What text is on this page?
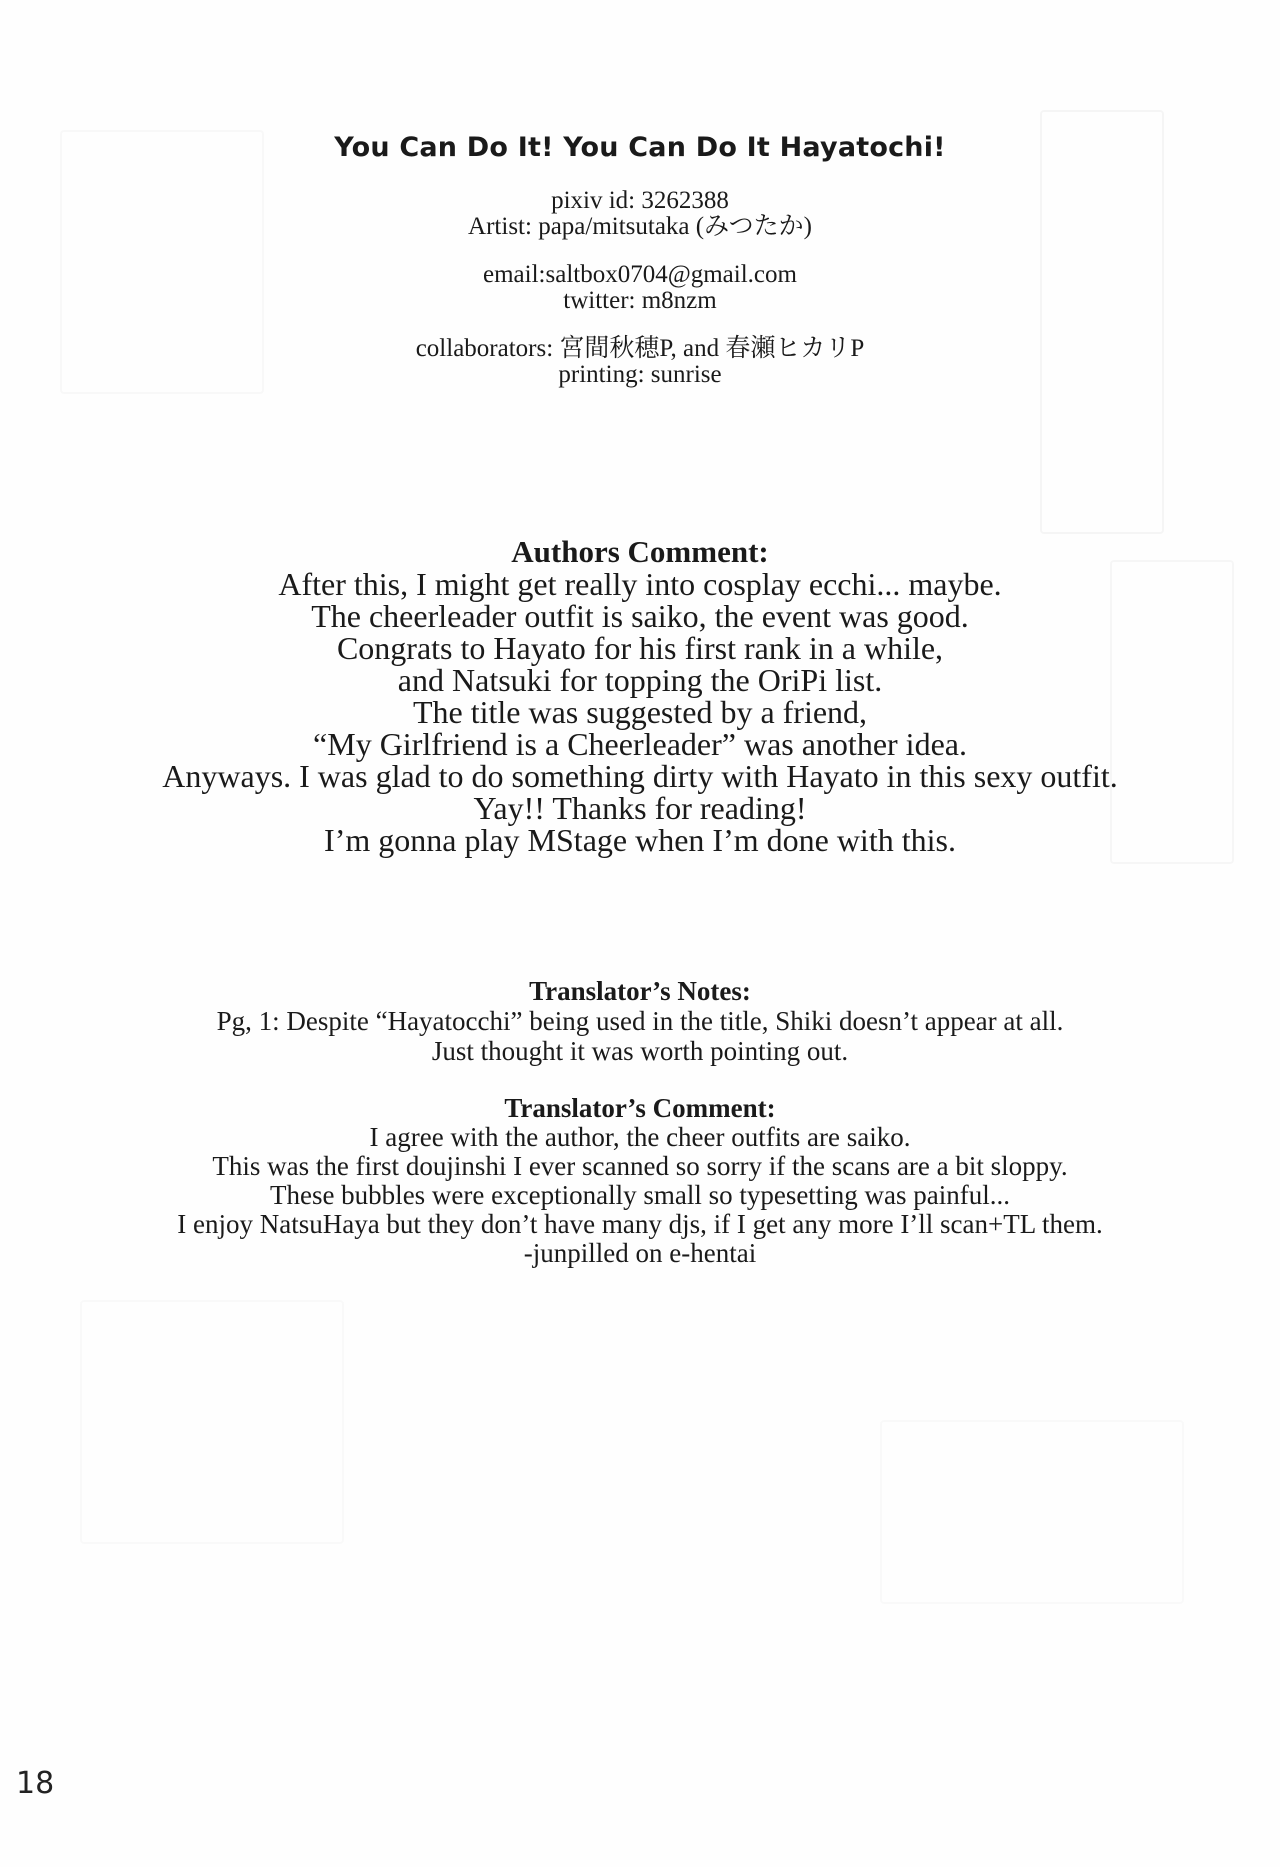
You Can Do It! You Can Do It Hayatochi!
pixiv id: 3262388
Artist: papa/mitsutaka (みつたか)
email:saltbox0704@gmail.com
twitter: m8nzm
collaborators: 宮間秋穂P, and 春瀬ヒカリP
printing: sunrise
Authors Comment:
After this, I might get really into cosplay ecchi... maybe.
The cheerleader outfit is saiko, the event was good.
Congrats to Hayato for his first rank in a while,
and Natsuki for topping the OriPi list.
The title was suggested by a friend,
“My Girlfriend is a Cheerleader” was another idea.
Anyways. I was glad to do something dirty with Hayato in this sexy outfit.
Yay!! Thanks for reading!
I’m gonna play MStage when I’m done with this.
Translator’s Notes:
Pg, 1: Despite “Hayatocchi” being used in the title, Shiki doesn’t appear at all.
Just thought it was worth pointing out.
Translator’s Comment:
I agree with the author, the cheer outfits are saiko.
This was the first doujinshi I ever scanned so sorry if the scans are a bit sloppy.
These bubbles were exceptionally small so typesetting was painful...
I enjoy NatsuHaya but they don’t have many djs, if I get any more I’ll scan+TL them.
-junpilled on e-hentai
18
